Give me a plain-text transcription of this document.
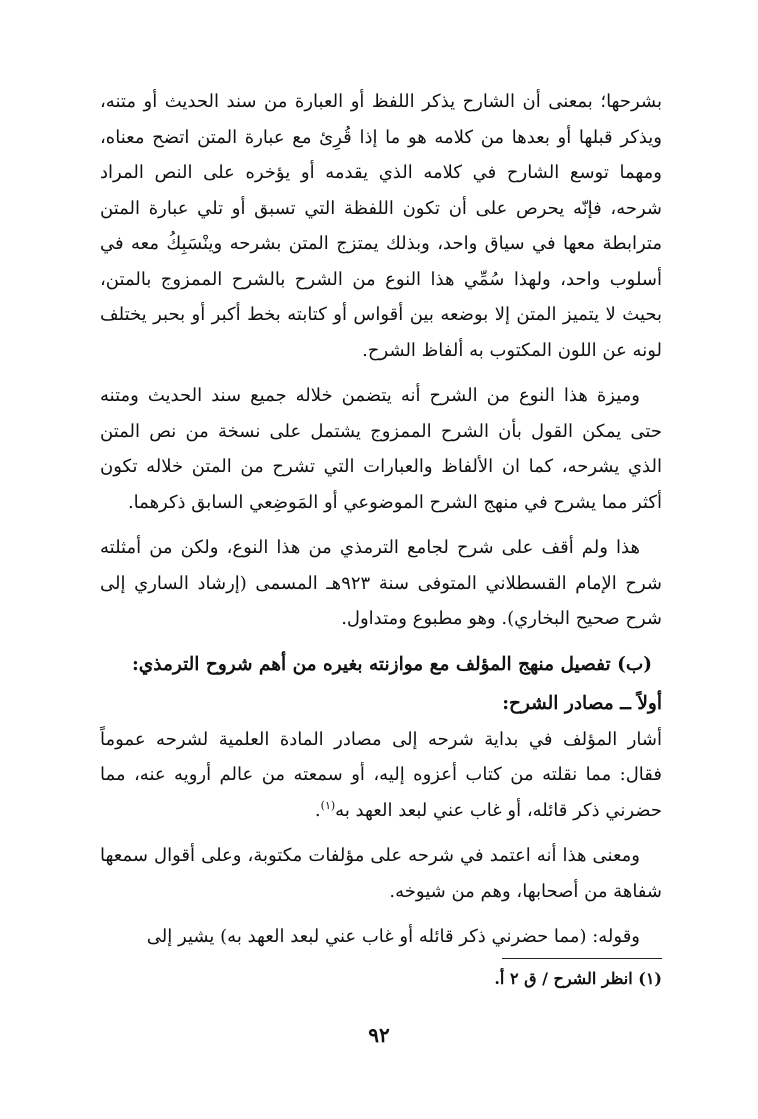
بشرحها؛ بمعنى أن الشارح يذكر اللفظ أو العبارة من سند الحديث أو متنه، ويذكر قبلها أو بعدها من كلامه هو ما إذا قُرِئ مع عبارة المتن اتضح معناه، ومهما توسع الشارح في كلامه الذي يقدمه أو يؤخره على النص المراد شرحه، فإنّه يحرص على أن تكون اللفظة التي تسبق أو تلي عبارة المتن مترابطة معها في سياق واحد، وبذلك يمتزج المتن بشرحه وينْسَبِكُ معه في أسلوب واحد، ولهذا سُمِّي هذا النوع من الشرح بالشرح الممزوج بالمتن، بحيث لا يتميز المتن إلا بوضعه بين أقواس أو كتابته بخط أكبر أو بحبر يختلف لونه عن اللون المكتوب به ألفاظ الشرح.

وميزة هذا النوع من الشرح أنه يتضمن خلاله جميع سند الحديث ومتنه حتى يمكن القول بأن الشرح الممزوج يشتمل على نسخة من نص المتن الذي يشرحه، كما ان الألفاظ والعبارات التي تشرح من المتن خلاله تكون أكثر مما يشرح في منهج الشرح الموضوعي أو المَوضِعي السابق ذكرهما.

هذا ولم أقف على شرح لجامع الترمذي من هذا النوع، ولكن من أمثلته شرح الإمام القسطلاني المتوفى سنة ٩٢٣هـ المسمى (إرشاد الساري إلى شرح صحيح البخاري). وهو مطبوع ومتداول.

(ب) تفصيل منهج المؤلف مع موازنته بغيره من أهم شروح الترمذي:

أولاً ــ مصادر الشرح:

أشار المؤلف في بداية شرحه إلى مصادر المادة العلمية لشرحه عموماً فقال: مما نقلته من كتاب أعزوه إليه، أو سمعته من عالم أرويه عنه، مما حضرني ذكر قائله، أو غاب عني لبعد العهد به$^{(١)}$.

ومعنى هذا أنه اعتمد في شرحه على مؤلفات مكتوبة، وعلى أقوال سمعها شفاهة من أصحابها، وهم من شيوخه.

وقوله: (مما حضرني ذكر قائله أو غاب عني لبعد العهد به) يشير إلى

(١) انظر الشرح / ق ٢ أ.
٩٢
